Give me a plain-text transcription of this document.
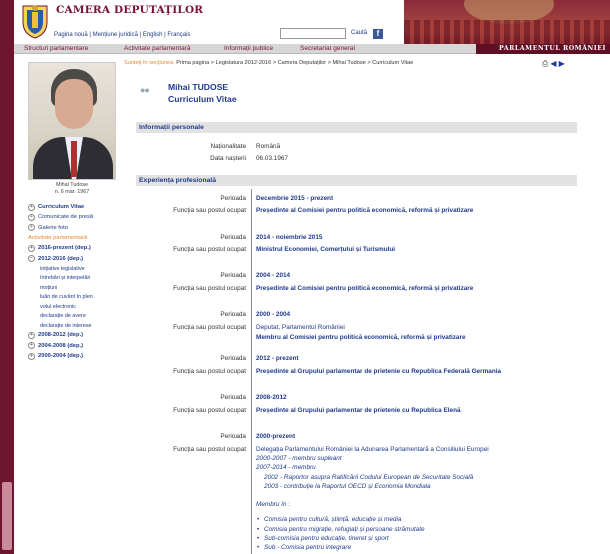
CAMERA DEPUTAŢILOR
Pagina nouă | Mențiune juridică | English | Français	Caută	f
PARLAMENTUL ROMÂNIEI
Structuri parlamentare	Activitate parlamentară	Informații publice	Secretariat general
Sunteți în secțiunea: Prima pagina > Legislatura 2012-2016 > Camera Deputaților > Mihai Tudose > Curriculum Vitae	⎙ ◀ ▶
Mihai Tudose
n. 6 mar. 1967
+ Curriculum Vitae
+ Comunicate de presă
+ Galerie foto
Activitate parlamentară
+ 2016-prezent (dep.)
− 2012-2016 (dep.)
inițiative legislative
întrebări și interpelări
moțiuni
luări de cuvânt în plen
votul electronic
declarație de avere
declarație de interese
+ 2008-2012 (dep.)
+ 2004-2008 (dep.)
+ 2000-2004 (dep.)
●● Mihai TUDOSE
Curriculum Vitae
Informații personale
Naționalitate Română
Data nașterii 06.03.1967
Experiența profesională
Perioada Decembrie 2015 - prezent
Funcția sau postul ocupat Președinte al Comisiei pentru politică economică, reformă și privatizare
Perioada 2014 - noiembrie 2015
Funcția sau postul ocupat Ministrul Economiei, Comerțului și Turismului
Perioada 2004 - 2014
Funcția sau postul ocupat Președinte al Comisiei pentru politică economică, reformă și privatizare
Perioada 2000 - 2004
Funcția sau postul ocupat Deputat, Parlamentul României
Membru al Comisiei pentru politică economică, reformă și privatizare
Perioada 2012 - prezent
Funcția sau postul ocupat Președinte al Grupului parlamentar de prietenie cu Republica Federală Germania
Perioada 2008-2012
Funcția sau postul ocupat Președinte al Grupului parlamentar de prietenie cu Republica Elenă
Perioada 2000-prezent
Funcția sau postul ocupat Delegația Parlamentului României la Adunarea Parlamentară a Consiliului Europei
2000-2007 - membru supleant
2007-2014 - membru
2002 - Raportor asupra Ratificării Codului European de Securitate Socială
2003 - contribuție la Raportul OECD și Economia Mondiala
Membru în :
• Comisia pentru cultură, știință, educație și media
• Comisia pentru migrație, refugiați și persoane strămutate
• Sub-comisia pentru educație, tineret și sport
• Sub - Comisia pentru integrare
